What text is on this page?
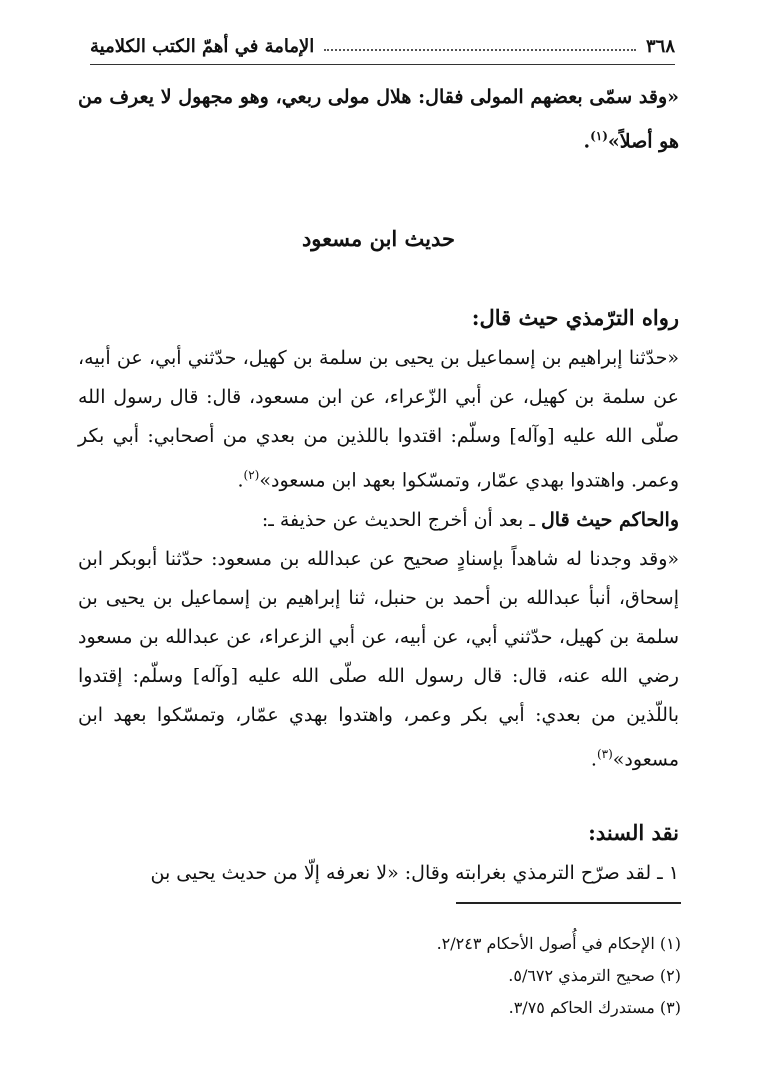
٣٦٨
الإمامة في أهمّ الكتب الكلامية

«وقد سمّى بعضهم المولى فقال: هلال مولى ربعي، وهو مجهول لا يعرف من هو أصلاً»$^{(١)}$.

حديث ابن مسعود
رواه الترّمذي حيث قال:

«حدّثنا إبراهيم بن إسماعيل بن يحيى بن سلمة بن كهيل، حدّثني أبي، عن أبيه، عن سلمة بن كهيل، عن أبي الزّعراء، عن ابن مسعود، قال: قال رسول الله صلّى الله عليه [وآله] وسلّم: اقتدوا باللذين من بعدي من أصحابي: أبي بكر وعمر. واهتدوا بهدي عمّار، وتمسّكوا بعهد ابن مسعود»$^{(٢)}$.

والحاكم حيث قال ـ بعد أن أخرج الحديث عن حذيفة ـ:

«وقد وجدنا له شاهداً بإسنادٍ صحيح عن عبدالله بن مسعود: حدّثنا أبوبكر ابن إسحاق، أنبأ عبدالله بن أحمد بن حنبل، ثنا إبراهيم بن إسماعيل بن يحيى بن سلمة بن كهيل، حدّثني أبي، عن أبيه، عن أبي الزعراء، عن عبدالله بن مسعود رضي الله عنه، قال: قال رسول الله صلّى الله عليه [وآله] وسلّم: إقتدوا باللّذين من بعدي: أبي بكر وعمر، واهتدوا بهدي عمّار، وتمسّكوا بعهد ابن مسعود»$^{(٣)}$.

نقد السند:

١ ـ لقد صرّح الترمذي بغرابته وقال: «لا نعرفه إلّا من حديث يحيى بن

(١) الإحكام في أُصول الأحكام ٢/٢٤٣.

(٢) صحيح الترمذي ٥/٦٧٢.

(٣) مستدرك الحاكم ٣/٧٥.
